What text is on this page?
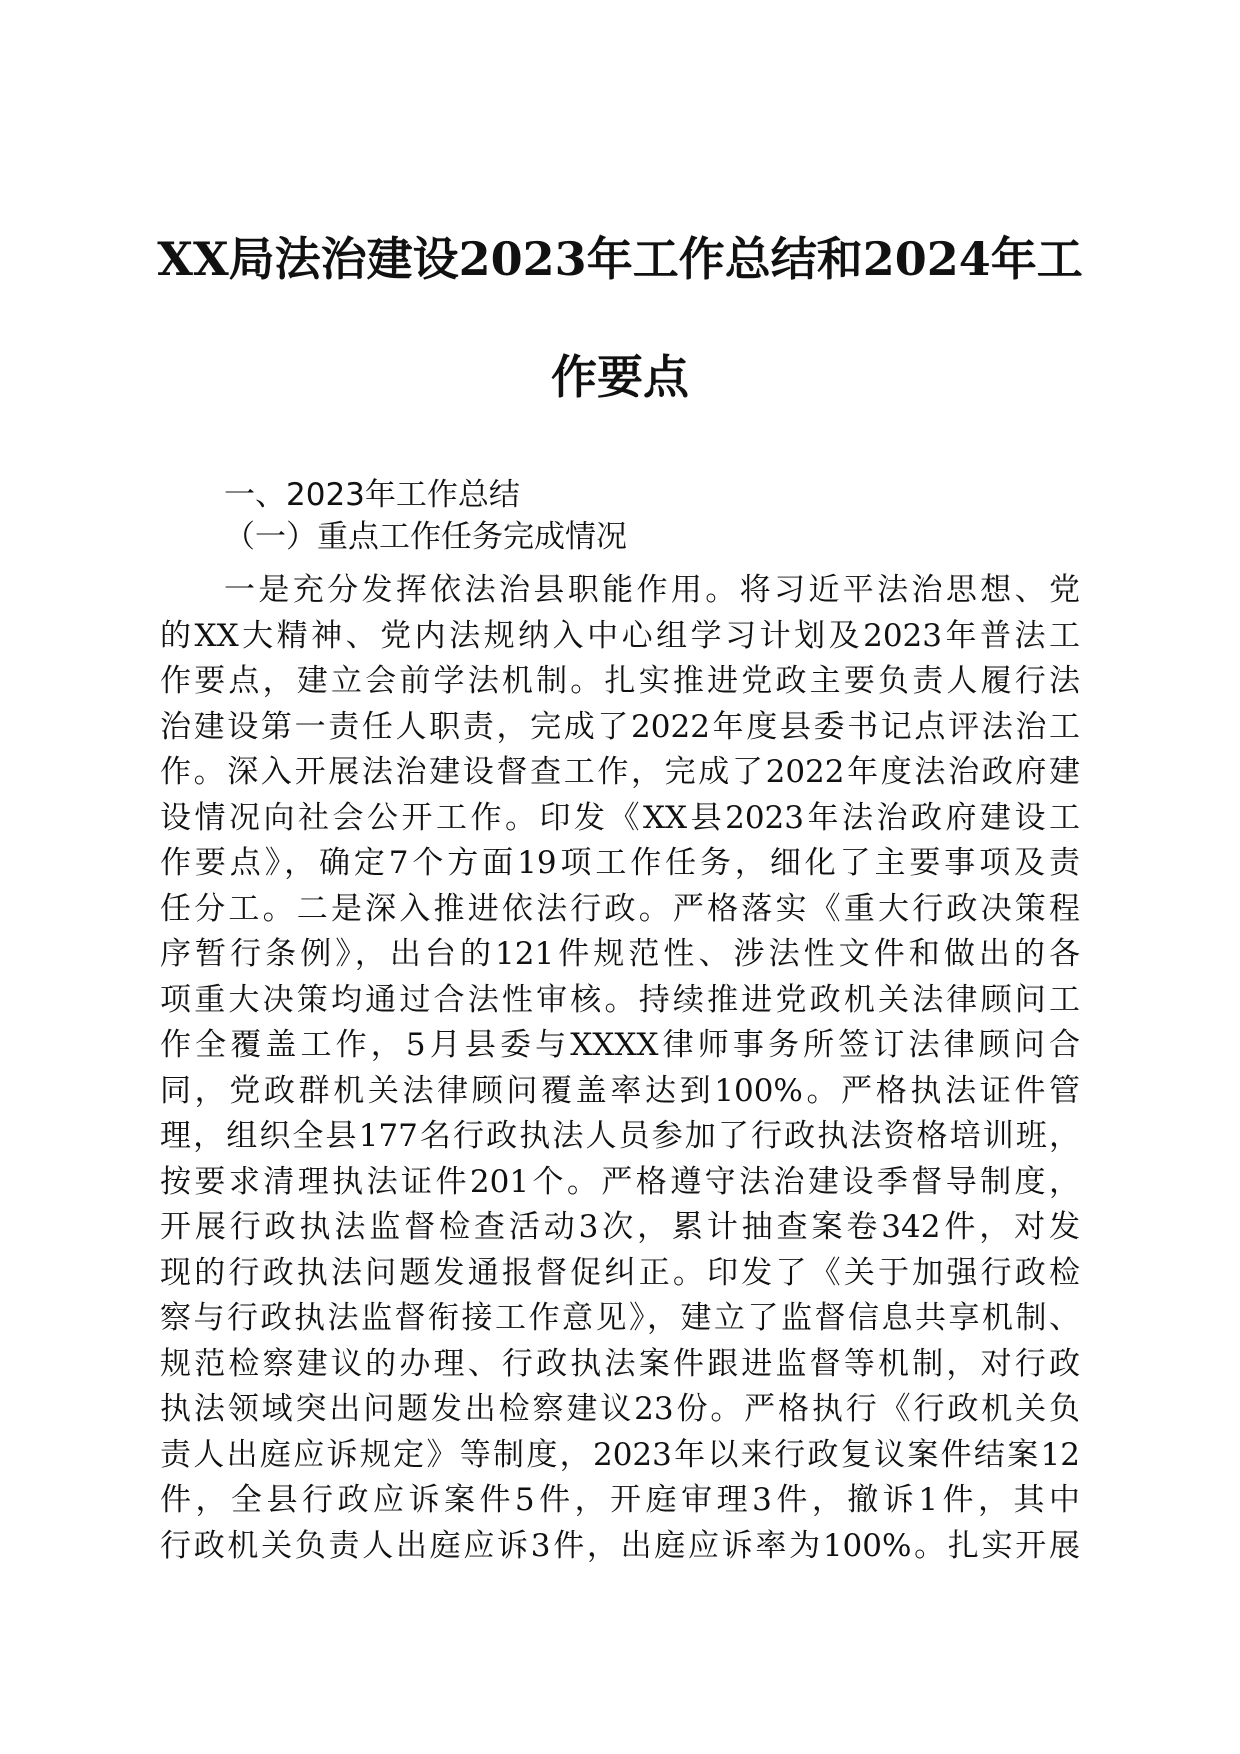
XX局法治建设2023年工作总结和2024年工
作要点
一、2023年工作总结
（一）重点工作任务完成情况
一是充分发挥依法治县职能作用。将习近平法治思想、党
的XX大精神、党内法规纳入中心组学习计划及2023年普法工
作要点，建立会前学法机制。扎实推进党政主要负责人履行法
治建设第一责任人职责，完成了2022年度县委书记点评法治工
作。深入开展法治建设督查工作，完成了2022年度法治政府建
设情况向社会公开工作。印发《XX县2023年法治政府建设工
作要点》，确定7个方面19项工作任务，细化了主要事项及责
任分工。二是深入推进依法行政。严格落实《重大行政决策程
序暂行条例》，出台的121件规范性、涉法性文件和做出的各
项重大决策均通过合法性审核。持续推进党政机关法律顾问工
作全覆盖工作，5月县委与XXXX律师事务所签订法律顾问合
同，党政群机关法律顾问覆盖率达到100%。严格执法证件管
理，组织全县177名行政执法人员参加了行政执法资格培训班，
按要求清理执法证件201个。严格遵守法治建设季督导制度，
开展行政执法监督检查活动3次，累计抽查案卷342件，对发
现的行政执法问题发通报督促纠正。印发了《关于加强行政检
察与行政执法监督衔接工作意见》，建立了监督信息共享机制、
规范检察建议的办理、行政执法案件跟进监督等机制，对行政
执法领域突出问题发出检察建议23份。严格执行《行政机关负
责人出庭应诉规定》等制度，2023年以来行政复议案件结案12
件，全县行政应诉案件5件，开庭审理3件，撤诉1件，其中
行政机关负责人出庭应诉3件，出庭应诉率为100%。扎实开展
